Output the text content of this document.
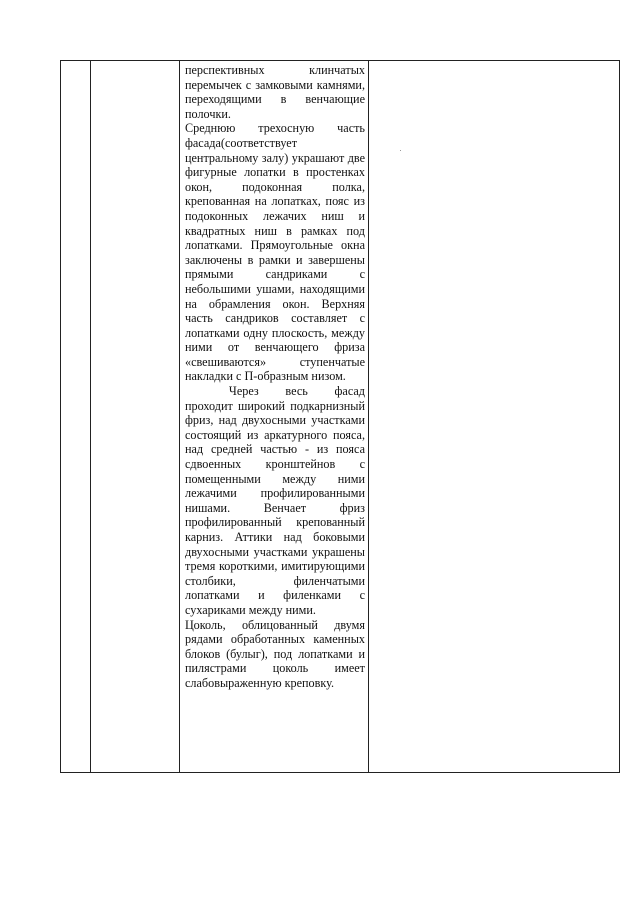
перспективных клинчатых перемычек с замковыми камнями, переходящими в венчающие полочки.

Среднюю трехосную часть фасада(соответствует центральному залу) украшают две фигурные лопатки в простенках окон, подоконная полка, крепованная на лопатках, пояс из подоконных лежачих ниш и квадратных ниш в рамках под лопатками. Прямоугольные окна заключены в рамки и завершены прямыми сандриками с небольшими ушами, находящими на обрамления окон. Верхняя часть сандриков составляет с лопатками одну плоскость, между ними от венчающего фриза «свешиваются» ступенчатые накладки с П-образным низом.

Через весь фасад проходит широкий подкарнизный фриз, над двухосными участками состоящий из аркатурного пояса, над средней частью - из пояса сдвоенных кронштейнов с помещенными между ними лежачими профилированными нишами. Венчает фриз профилированный крепованный карниз. Аттики над боковыми двухосными участками украшены тремя короткими, имитирующими столбики, филенчатыми лопатками и филенками с сухариками между ними.

Цоколь, облицованный двумя рядами обработанных каменных блоков (булыг), под лопатками и пилястрами цоколь имеет слабовыраженную креповку.
